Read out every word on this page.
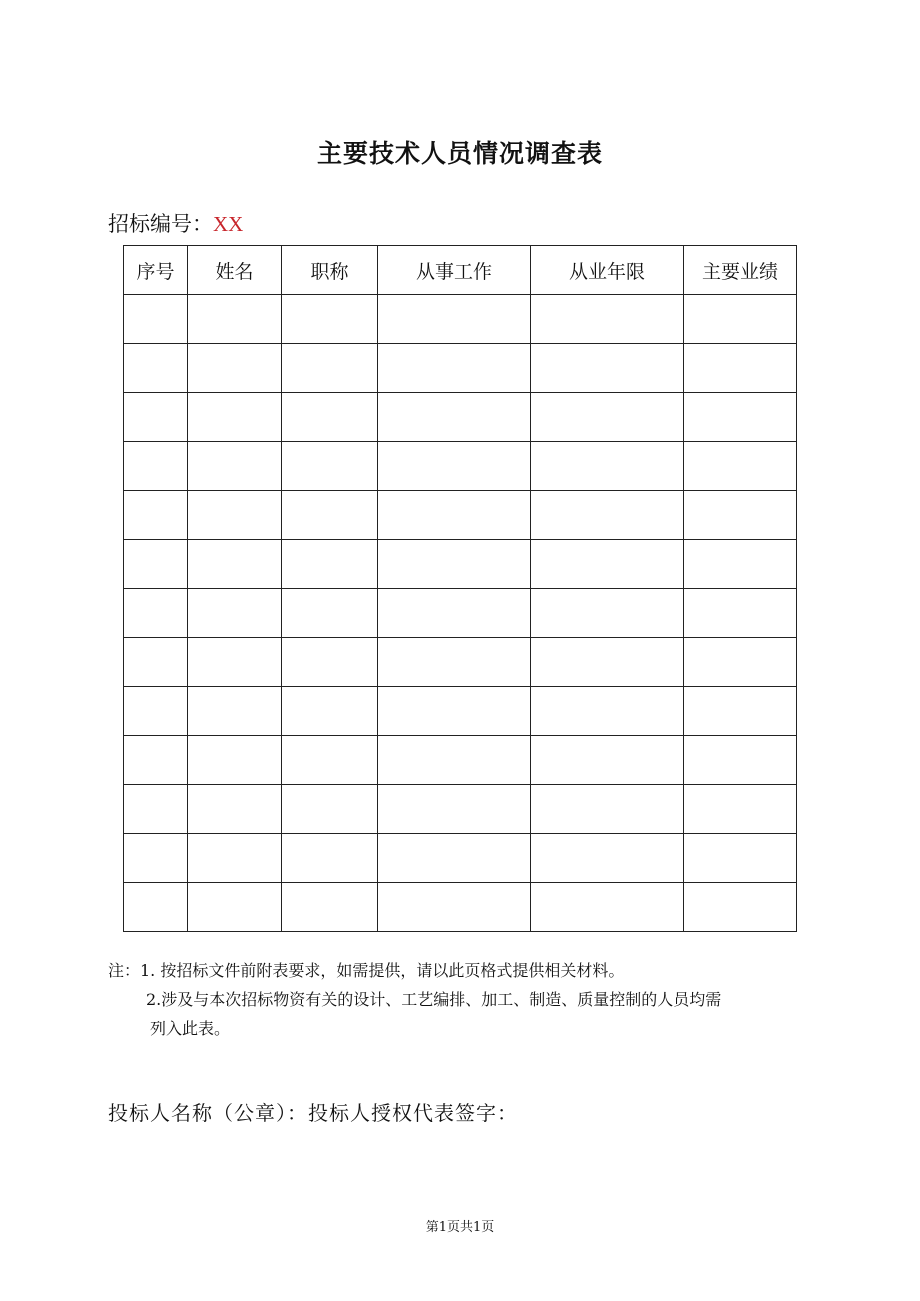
主要技术人员情况调查表
招标编号：XX
序号	姓名	职称	从事工作	从业年限	主要业绩

注：1. 按招标文件前附表要求，如需提供，请以此页格式提供相关材料。
2.涉及与本次招标物资有关的设计、工艺编排、加工、制造、质量控制的人员均需
列入此表。
投标人名称（公章）：投标人授权代表签字：
第1页共1页
